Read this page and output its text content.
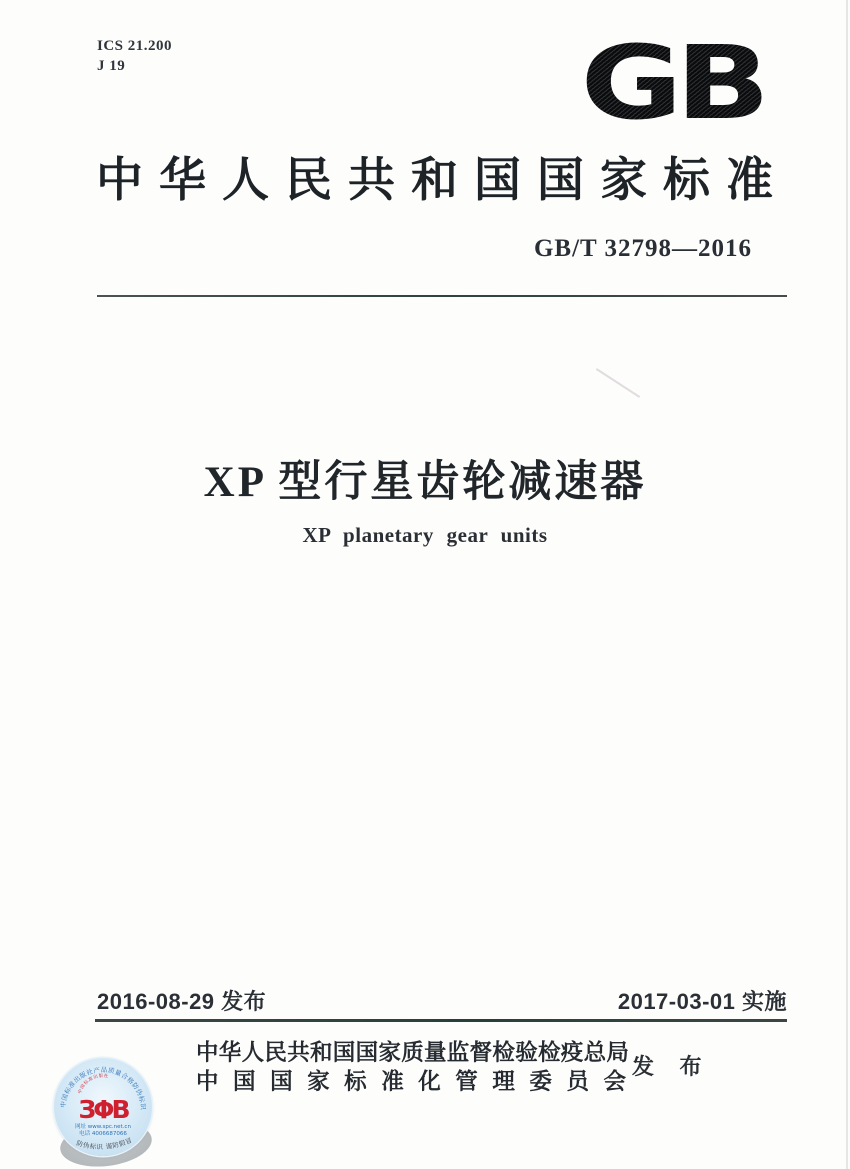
ICS 21.200
J 19	GB
中华人民共和国国家标准
GB/T 32798—2016
XP 型行星齿轮减速器
XP planetary gear units
2016-08-29 发布	2017-03-01 实施
中华人民共和国国家质量监督检验检疫总局
中国国家标准化管理委员会
发 布
中国标准出版社产品质量合格防伪标识
中国标准出版社
ЗΦB
网址 www.spc.net.cn
电话 4006687066
防伪标识 谨防假冒
